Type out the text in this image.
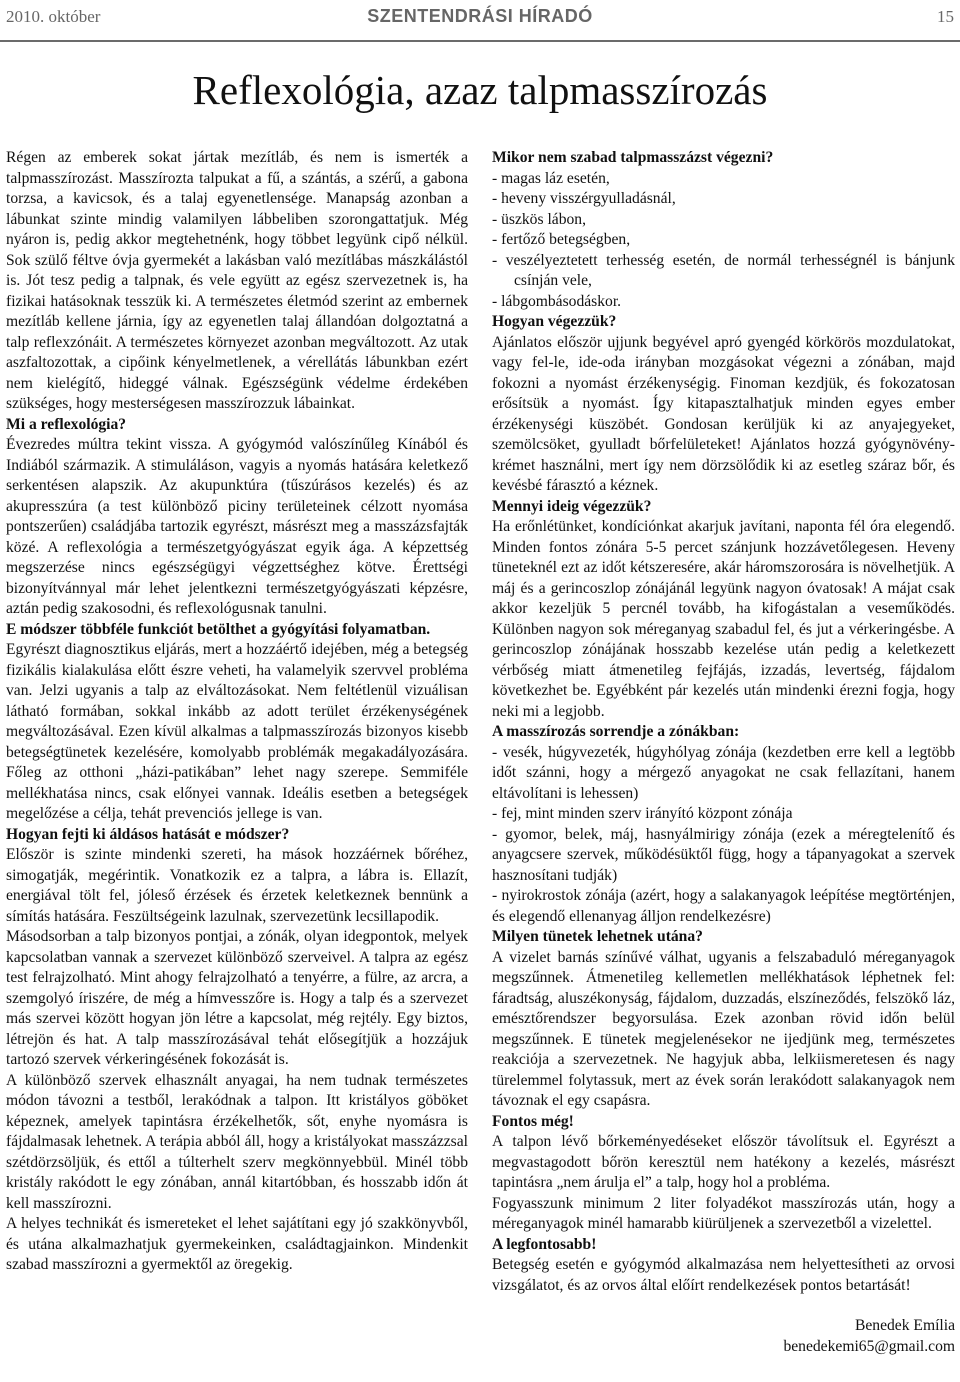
2010. október	SZENTENDRÁSI HÍRADÓ	15
Reflexológia, azaz talpmasszírozás

Régen az emberek sokat jártak mezítláb, és nem is ismerték a talpmasszírozást. Masszírozta talpukat a fű, a szántás, a szérű, a gabona torzsa, a kavicsok, és a talaj egyenetlensége. Manapság azonban a lábunkat szinte mindig valamilyen lábbeliben szorongattatjuk. Még nyáron is, pedig akkor megtehetnénk, hogy többet legyünk cipő nélkül. Sok szülő féltve óvja gyermekét a lakásban való mezítlábas mászkálástól is. Jót tesz pedig a talpnak, és vele együtt az egész szervezetnek is, ha fizikai hatásoknak tesszük ki. A természetes életmód szerint az embernek mezítláb kellene járnia, így az egyenetlen talaj állandóan dolgoztatná a talp reflexzónáit. A természetes környezet azonban megváltozott. Az utak aszfaltozottak, a cipőink kényelmetlenek, a vérellátás lábunkban ezért nem kielégítő, hideggé válnak. Egészségünk védelme érdekében szükséges, hogy mesterségesen masszírozzuk lábainkat.

Mi a reflexológia?

Évezredes múltra tekint vissza. A gyógymód valószínűleg Kínából és Indiából származik. A stimuláláson, vagyis a nyomás hatására keletkező serkentésen alapszik. Az akupunktúra (tűszúrásos kezelés) és az akupresszúra (a test különböző piciny területeinek célzott nyomása pontszerűen) családjába tartozik egyrészt, másrészt meg a masszázsfajták közé. A reflexológia a természetgyógyászat egyik ága. A képzettség megszerzése nincs egészségügyi végzettséghez kötve. Érettségi bizonyítvánnyal már lehet jelentkezni természetgyógyászati képzésre, aztán pedig szakosodni, és reflexológusnak tanulni.

E módszer többféle funkciót betölthet a gyógyítási folyamatban.

Egyrészt diagnosztikus eljárás, mert a hozzáértő idejében, még a betegség fizikális kialakulása előtt észre veheti, ha valamelyik szervvel probléma van. Jelzi ugyanis a talp az elváltozásokat. Nem feltétlenül vizuálisan látható formában, sokkal inkább az adott terület érzékenységének megváltozásával. Ezen kívül alkalmas a talpmasszírozás bizonyos kisebb betegségtünetek kezelésére, komolyabb problémák megakadályozására. Főleg az otthoni „házi-patikában” lehet nagy szerepe. Semmiféle mellékhatása nincs, csak előnyei vannak. Ideális esetben a betegségek megelőzése a célja, tehát prevenciós jellege is van.

Hogyan fejti ki áldásos hatását e módszer?

Először is szinte mindenki szereti, ha mások hozzáérnek bőréhez, simogatják, megérintik. Vonatkozik ez a talpra, a lábra is. Ellazít, energiával tölt fel, jóleső érzések és érzetek keletkeznek bennünk a símítás hatására. Feszültségeink lazulnak, szervezetünk lecsillapodik.

Másodsorban a talp bizonyos pontjai, a zónák, olyan idegpontok, melyek kapcsolatban vannak a szervezet különböző szerveivel. A talpra az egész test felrajzolható. Mint ahogy felrajzolható a tenyérre, a fülre, az arcra, a szemgolyó íriszére, de még a hímvesszőre is. Hogy a talp és a szervezet más szervei között hogyan jön létre a kapcsolat, még rejtély. Egy biztos, létrejön és hat. A talp masszírozásával tehát elősegítjük a hozzájuk tartozó szervek vérkeringésének fokozását is.

A különböző szervek elhasznált anyagai, ha nem tudnak természetes módon távozni a testből, lerakódnak a talpon. Itt kristályos göböket képeznek, amelyek tapintásra érzékelhetők, sőt, enyhe nyomásra is fájdalmasak lehetnek. A terápia abból áll, hogy a kristályokat masszázzsal szétdörzsöljük, és ettől a túlterhelt szerv megkönnyebbül. Minél több kristály rakódott le egy zónában, annál kitartóbban, és hosszabb időn át kell masszírozni.

A helyes technikát és ismereteket el lehet sajátítani egy jó szakkönyvből, és utána alkalmazhatjuk gyermekeinken, családtagjainkon. Mindenkit szabad masszírozni a gyermektől az öregekig.

Mikor nem szabad talpmasszázst végezni?

- magas láz esetén,

- heveny visszérgyulladásnál,

- üszkös lábon,

- fertőző betegségben,

- veszélyeztetett terhesség esetén, de normál terhességnél is bánjunk csínján vele,

- lábgombásodáskor.

Hogyan végezzük?

Ajánlatos először ujjunk begyével apró gyengéd körkörös mozdulatokat, vagy fel-le, ide-oda irányban mozgásokat végezni a zónában, majd fokozni a nyomást érzékenységig. Finoman kezdjük, és fokozatosan erősítsük a nyomást. Így kitapasztalhatjuk minden egyes ember érzékenységi küszöbét. Gondosan kerüljük ki az anyajegyeket, szemölcsöket, gyulladt bőrfelületeket! Ajánlatos hozzá gyógynövény-krémet használni, mert így nem dörzsölődik ki az esetleg száraz bőr, és kevésbé fárasztó a kéznek.

Mennyi ideig végezzük?

Ha erőnlétünket, kondíciónkat akarjuk javítani, naponta fél óra elegendő. Minden fontos zónára 5-5 percet szánjunk hozzávetőlegesen. Heveny tüneteknél ezt az időt kétszeresére, akár háromszorosára is növelhetjük. A máj és a gerincoszlop zónájánál legyünk nagyon óvatosak! A májat csak akkor kezeljük 5 percnél tovább, ha kifogástalan a veseműködés. Különben nagyon sok méreganyag szabadul fel, és jut a vérkeringésbe. A gerincoszlop zónájának hosszabb kezelése után pedig a keletkezett vérbőség miatt átmenetileg fejfájás, izzadás, levertség, fájdalom következhet be. Egyébként pár kezelés után mindenki érezni fogja, hogy neki mi a legjobb.

A masszírozás sorrendje a zónákban:

- vesék, húgyvezeték, húgyhólyag zónája (kezdetben erre kell a legtöbb időt szánni, hogy a mérgező anyagokat ne csak fellazítani, hanem eltávolítani is lehessen)

- fej, mint minden szerv irányító központ zónája

- gyomor, belek, máj, hasnyálmirigy zónája (ezek a méregtelenítő és anyagcsere szervek, működésüktől függ, hogy a tápanyagokat a szervek hasznosítani tudják)

- nyirokrostok zónája (azért, hogy a salakanyagok leépítése megtörténjen, és elegendő ellenanyag álljon rendelkezésre)

Milyen tünetek lehetnek utána?

A vizelet barnás színűvé válhat, ugyanis a felszabaduló méreganyagok megszűnnek. Átmenetileg kellemetlen mellékhatások léphetnek fel: fáradtság, aluszékonyság, fájdalom, duzzadás, elszíneződés, felszökő láz, emésztőrendszer begyorsulása. Ezek azonban rövid időn belül megszűnnek. E tünetek megjelenésekor ne ijedjünk meg, természetes reakciója a szervezetnek. Ne hagyjuk abba, lelkiismeretesen és nagy türelemmel folytassuk, mert az évek során lerakódott salakanyagok nem távoznak el egy csapásra.

Fontos még!

A talpon lévő bőrkeményedéseket először távolítsuk el. Egyrészt a megvastagodott bőrön keresztül nem hatékony a kezelés, másrészt tapintásra „nem árulja el” a talp, hogy hol a probléma.

Fogyasszunk minimum 2 liter folyadékot masszírozás után, hogy a méreganyagok minél hamarabb kiürüljenek a szervezetből a vizelettel.

A legfontosabb!

Betegség esetén e gyógymód alkalmazása nem helyettesítheti az orvosi vizsgálatot, és az orvos által előírt rendelkezések pontos betartását!

Benedek Emília

benedekemi65@gmail.com
